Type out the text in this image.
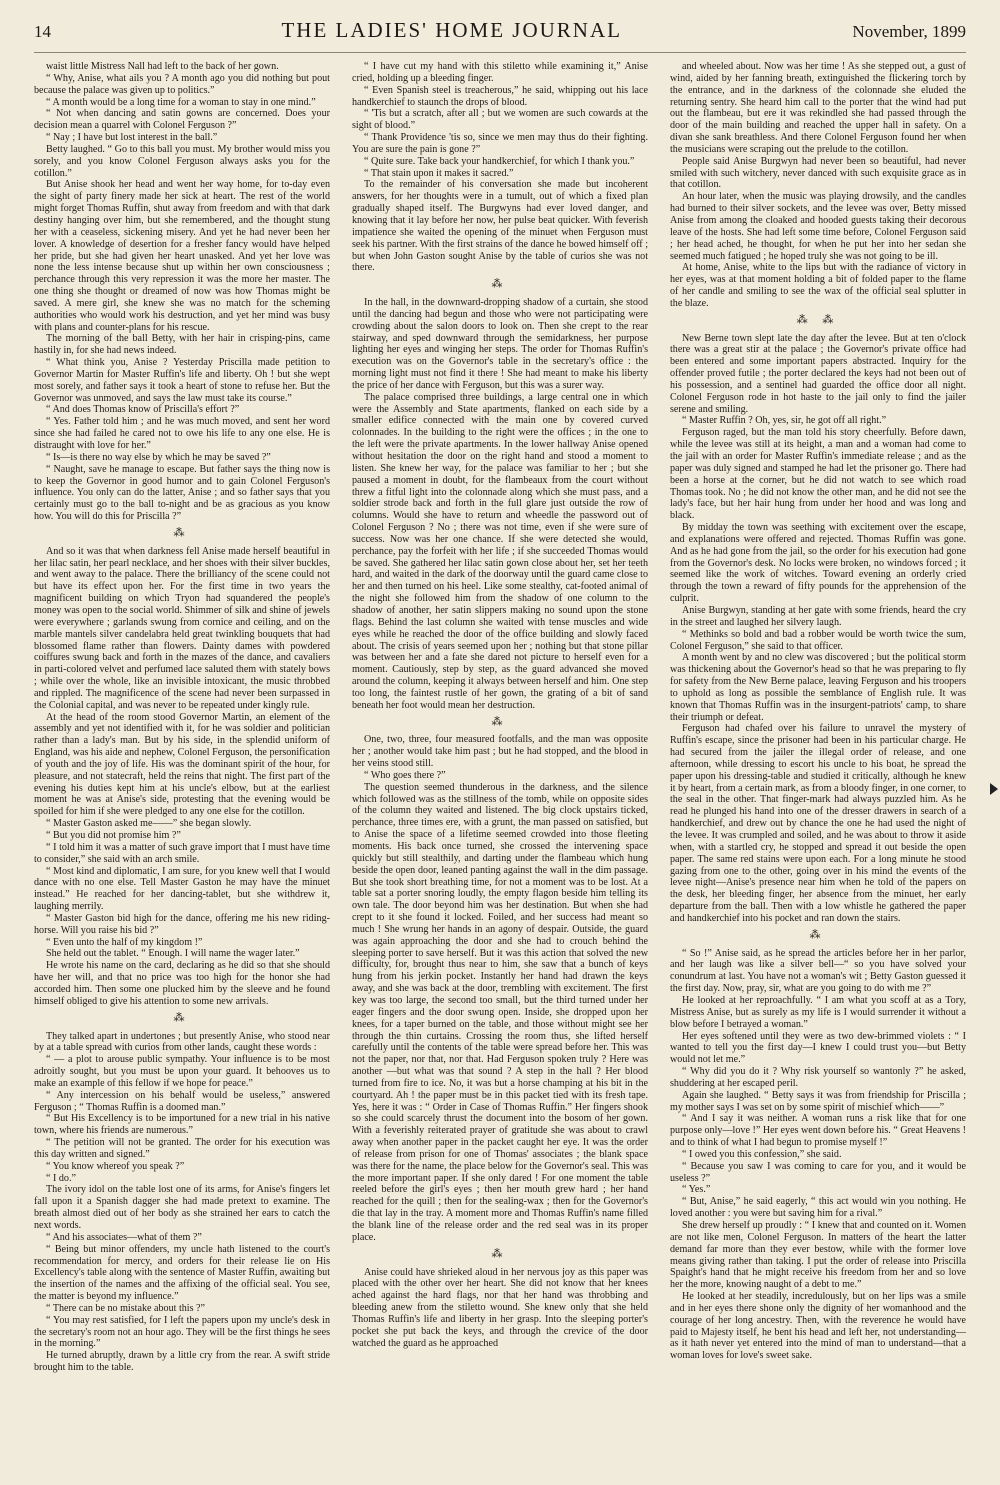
14	THE LADIES' HOME JOURNAL	November, 1899

waist little Mistress Nall had left to the back of her gown.

“ Why, Anise, what ails you ? A month ago you did nothing but pout because the palace was given up to politics.”

“ A month would be a long time for a woman to stay in one mind.”

“ Not when dancing and satin gowns are concerned. Does your decision mean a quarrel with Colonel Ferguson ?”

“ Nay ; I have but lost interest in the ball.”

Betty laughed. “ Go to this ball you must. My brother would miss you sorely, and you know Colonel Ferguson always asks you for the cotillon.”

But Anise shook her head and went her way home, for to-day even the sight of party finery made her sick at heart. The rest of the world might forget Thomas Ruffin, shut away from freedom and with that dark destiny hanging over him, but she remembered, and the thought stung her with a ceaseless, sickening misery. And yet he had never been her lover. A knowledge of desertion for a fresher fancy would have helped her pride, but she had given her heart unasked. And yet her love was none the less intense because shut up within her own consciousness ; perchance through this very repression it was the more her master. The one thing she thought or dreamed of now was how Thomas might be saved. A mere girl, she knew she was no match for the scheming authorities who would work his destruction, and yet her mind was busy with plans and counter-plans for his rescue.

The morning of the ball Betty, with her hair in crisping-pins, came hastily in, for she had news indeed.

“ What think you, Anise ? Yesterday Priscilla made petition to Governor Martin for Master Ruffin's life and liberty. Oh ! but she wept most sorely, and father says it took a heart of stone to refuse her. But the Governor was unmoved, and says the law must take its course.”

“ And does Thomas know of Priscilla's effort ?”

“ Yes. Father told him ; and he was much moved, and sent her word since she had failed he cared not to owe his life to any one else. He is distraught with love for her.”

“ Is—is there no way else by which he may be saved ?”

“ Naught, save he manage to escape. But father says the thing now is to keep the Governor in good humor and to gain Colonel Ferguson's influence. You only can do the latter, Anise ; and so father says that you certainly must go to the ball to-night and be as gracious as you know how. You will do this for Priscilla ?”

⁂

And so it was that when darkness fell Anise made herself beautiful in her lilac satin, her pearl necklace, and her shoes with their silver buckles, and went away to the palace. There the brilliancy of the scene could not but have its effect upon her. For the first time in two years the magnificent building on which Tryon had squandered the people's money was open to the social world. Shimmer of silk and shine of jewels were everywhere ; garlands swung from cornice and ceiling, and on the marble mantels silver candelabra held great twinkling bouquets that had blossomed flame rather than flowers. Dainty dames with powdered coiffures swung back and forth in the mazes of the dance, and cavaliers in parti-colored velvet and perfumed lace saluted them with stately bows ; while over the whole, like an invisible intoxicant, the music throbbed and rippled. The magnificence of the scene had never been surpassed in the Colonial capital, and was never to be repeated under kingly rule.

At the head of the room stood Governor Martin, an element of the assembly and yet not identified with it, for he was soldier and politician rather than a lady's man. But by his side, in the splendid uniform of England, was his aide and nephew, Colonel Ferguson, the personification of youth and the joy of life. His was the dominant spirit of the hour, for pleasure, and not statecraft, held the reins that night. The first part of the evening his duties kept him at his uncle's elbow, but at the earliest moment he was at Anise's side, protesting that the evening would be spoiled for him if she were pledged to any one else for the cotillon.

“ Master Gaston asked me——” she began slowly.

“ But you did not promise him ?”

“ I told him it was a matter of such grave import that I must have time to consider,” she said with an arch smile.

“ Most kind and diplomatic, I am sure, for you knew well that I would dance with no one else. Tell Master Gaston he may have the minuet instead.” He reached for her dancing-tablet, but she withdrew it, laughing merrily.

“ Master Gaston bid high for the dance, offering me his new riding-horse. Will you raise his bid ?”

“ Even unto the half of my kingdom !”

She held out the tablet. “ Enough. I will name the wager later.”

He wrote his name on the card, declaring as he did so that she should have her will, and that no price was too high for the honor she had accorded him. Then some one plucked him by the sleeve and he found himself obliged to give his attention to some new arrivals.

⁂

They talked apart in undertones ; but presently Anise, who stood near by at a table spread with curios from other lands, caught these words :

“ — a plot to arouse public sympathy. Your influence is to be most adroitly sought, but you must be upon your guard. It behooves us to make an example of this fellow if we hope for peace.”

“ Any intercession on his behalf would be useless,” answered Ferguson ; “ Thomas Ruffin is a doomed man.”

“ But His Excellency is to be importuned for a new trial in his native town, where his friends are numerous.”

“ The petition will not be granted. The order for his execution was this day written and signed.”

“ You know whereof you speak ?”

“ I do.”

The ivory idol on the table lost one of its arms, for Anise's fingers let fall upon it a Spanish dagger she had made pretext to examine. The breath almost died out of her body as she strained her ears to catch the next words.

“ And his associates—what of them ?”

“ Being but minor offenders, my uncle hath listened to the court's recommendation for mercy, and orders for their release lie on His Excellency's table along with the sentence of Master Ruffin, awaiting but the insertion of the names and the affixing of the official seal. You see, the matter is beyond my influence.”

“ There can be no mistake about this ?”

“ You may rest satisfied, for I left the papers upon my uncle's desk in the secretary's room not an hour ago. They will be the first things he sees in the morning.”

He turned abruptly, drawn by a little cry from the rear. A swift stride brought him to the table.

“ I have cut my hand with this stiletto while examining it,” Anise cried, holding up a bleeding finger.

“ Even Spanish steel is treacherous,” he said, whipping out his lace handkerchief to staunch the drops of blood.

“ 'Tis but a scratch, after all ; but we women are such cowards at the sight of blood.”

“ Thank Providence 'tis so, since we men may thus do their fighting. You are sure the pain is gone ?”

“ Quite sure. Take back your handkerchief, for which I thank you.”

“ That stain upon it makes it sacred.”

To the remainder of his conversation she made but incoherent answers, for her thoughts were in a tumult, out of which a fixed plan gradually shaped itself. The Burgwyns had ever loved danger, and knowing that it lay before her now, her pulse beat quicker. With feverish impatience she waited the opening of the minuet when Ferguson must seek his partner. With the first strains of the dance he bowed himself off ; but when John Gaston sought Anise by the table of curios she was not there.

⁂

In the hall, in the downward-dropping shadow of a curtain, she stood until the dancing had begun and those who were not participating were crowding about the salon doors to look on. Then she crept to the rear stairway, and sped downward through the semidarkness, her purpose lighting her eyes and winging her steps. The order for Thomas Ruffin's execution was on the Governor's table in the secretary's office : the morning light must not find it there ! She had meant to make his liberty the price of her dance with Ferguson, but this was a surer way.

The palace comprised three buildings, a large central one in which were the Assembly and State apartments, flanked on each side by a smaller edifice connected with the main one by covered curved colonnades. In the building to the right were the offices ; in the one to the left were the private apartments. In the lower hallway Anise opened without hesitation the door on the right hand and stood a moment to listen. She knew her way, for the palace was familiar to her ; but she paused a moment in doubt, for the flambeaux from the court without threw a fitful light into the colonnade along which she must pass, and a soldier strode back and forth in the full glare just outside the row of columns. Would she have to return and wheedle the password out of Colonel Ferguson ? No ; there was not time, even if she were sure of success. Now was her one chance. If she were detected she would, perchance, pay the forfeit with her life ; if she succeeded Thomas would be saved. She gathered her lilac satin gown close about her, set her teeth hard, and waited in the dark of the doorway until the guard came close to her and then turned on his heel. Like some stealthy, cat-footed animal of the night she followed him from the shadow of one column to the shadow of another, her satin slippers making no sound upon the stone flags. Behind the last column she waited with tense muscles and wide eyes while he reached the door of the office building and slowly faced about. The crisis of years seemed upon her ; nothing but that stone pillar was between her and a fate she dared not picture to herself even for a moment. Cautiously, step by step, as the guard advanced she moved around the column, keeping it always between herself and him. One step too long, the faintest rustle of her gown, the grating of a bit of sand beneath her foot would mean her destruction.

⁂

One, two, three, four measured footfalls, and the man was opposite her ; another would take him past ; but he had stopped, and the blood in her veins stood still.

“ Who goes there ?”

The question seemed thunderous in the darkness, and the silence which followed was as the stillness of the tomb, while on opposite sides of the column they waited and listened. The big clock upstairs ticked, perchance, three times ere, with a grunt, the man passed on satisfied, but to Anise the space of a lifetime seemed crowded into those fleeting moments. His back once turned, she crossed the intervening space quickly but still stealthily, and darting under the flambeau which hung beside the open door, leaned panting against the wall in the dim passage. But she took short breathing time, for not a moment was to be lost. At a table sat a porter snoring loudly, the empty flagon beside him telling its own tale. The door beyond him was her destination. But when she had crept to it she found it locked. Foiled, and her success had meant so much ! She wrung her hands in an agony of despair. Outside, the guard was again approaching the door and she had to crouch behind the sleeping porter to save herself. But it was this action that solved the new difficulty, for, brought thus near to him, she saw that a bunch of keys hung from his jerkin pocket. Instantly her hand had drawn the keys away, and she was back at the door, trembling with excitement. The first key was too large, the second too small, but the third turned under her eager fingers and the door swung open. Inside, she dropped upon her knees, for a taper burned on the table, and those without might see her through the thin curtains. Crossing the room thus, she lifted herself carefully until the contents of the table were spread before her. This was not the paper, nor that, nor that. Had Ferguson spoken truly ? Here was another —but what was that sound ? A step in the hall ? Her blood turned from fire to ice. No, it was but a horse champing at his bit in the courtyard. Ah ! the paper must be in this packet tied with its fresh tape. Yes, here it was : “ Order in Case of Thomas Ruffin.” Her fingers shook so she could scarcely thrust the document into the bosom of her gown. With a feverishly reiterated prayer of gratitude she was about to crawl away when another paper in the packet caught her eye. It was the order of release from prison for one of Thomas' associates ; the blank space was there for the name, the place below for the Governor's seal. This was the more important paper. If she only dared ! For one moment the table reeled before the girl's eyes ; then her mouth grew hard ; her hand reached for the quill ; then for the sealing-wax ; then for the Governor's die that lay in the tray. A moment more and Thomas Ruffin's name filled the blank line of the release order and the red seal was in its proper place.

⁂

Anise could have shrieked aloud in her nervous joy as this paper was placed with the other over her heart. She did not know that her knees ached against the hard flags, nor that her hand was throbbing and bleeding anew from the stiletto wound. She knew only that she held Thomas Ruffin's life and liberty in her grasp. Into the sleeping porter's pocket she put back the keys, and through the crevice of the door watched the guard as he approached

and wheeled about. Now was her time ! As she stepped out, a gust of wind, aided by her fanning breath, extinguished the flickering torch by the entrance, and in the darkness of the colonnade she eluded the returning sentry. She heard him call to the porter that the wind had put out the flambeau, but ere it was rekindled she had passed through the door of the main building and reached the upper hall in safety. On a divan she sank breathless. And there Colonel Ferguson found her when the musicians were scraping out the prelude to the cotillon.

People said Anise Burgwyn had never been so beautiful, had never smiled with such witchery, never danced with such exquisite grace as in that cotillon.

An hour later, when the music was playing drowsily, and the candles had burned to their silver sockets, and the levee was over, Betty missed Anise from among the cloaked and hooded guests taking their decorous leave of the hosts. She had left some time before, Colonel Ferguson said ; her head ached, he thought, for when he put her into her sedan she seemed much fatigued ; he hoped truly she was not going to be ill.

At home, Anise, white to the lips but with the radiance of victory in her eyes, was at that moment holding a bit of folded paper to the flame of her candle and smiling to see the wax of the official seal splutter in the blaze.

⁂ ⁂

New Berne town slept late the day after the levee. But at ten o'clock there was a great stir at the palace ; the Governor's private office had been entered and some important papers abstracted. Inquiry for the offender proved futile ; the porter declared the keys had not been out of his possession, and a sentinel had guarded the office door all night. Colonel Ferguson rode in hot haste to the jail only to find the jailer serene and smiling.

“ Master Ruffin ? Oh, yes, sir, he got off all right.”

Ferguson raged, but the man told his story cheerfully. Before dawn, while the levee was still at its height, a man and a woman had come to the jail with an order for Master Ruffin's immediate release ; and as the paper was duly signed and stamped he had let the prisoner go. There had been a horse at the corner, but he did not watch to see which road Thomas took. No ; he did not know the other man, and he did not see the lady's face, but her hair hung from under her hood and was long and black.

By midday the town was seething with excitement over the escape, and explanations were offered and rejected. Thomas Ruffin was gone. And as he had gone from the jail, so the order for his execution had gone from the Governor's desk. No locks were broken, no windows forced ; it seemed like the work of witches. Toward evening an orderly cried through the town a reward of fifty pounds for the apprehension of the culprit.

Anise Burgwyn, standing at her gate with some friends, heard the cry in the street and laughed her silvery laugh.

“ Methinks so bold and bad a robber would be worth twice the sum, Colonel Ferguson,” she said to that officer.

A month went by and no clew was discovered ; but the political storm was thickening about the Governor's head so that he was preparing to fly for safety from the New Berne palace, leaving Ferguson and his troopers to uphold as long as possible the semblance of English rule. It was known that Thomas Ruffin was in the insurgent-patriots' camp, to share their triumph or defeat.

Ferguson had chafed over his failure to unravel the mystery of Ruffin's escape, since the prisoner had been in his particular charge. He had secured from the jailer the illegal order of release, and one afternoon, while dressing to escort his uncle to his boat, he spread the paper upon his dressing-table and studied it critically, although he knew it by heart, from a certain mark, as from a bloody finger, in one corner, to the seal in the other. That finger-mark had always puzzled him. As he read he plunged his hand into one of the dresser drawers in search of a handkerchief, and drew out by chance the one he had used the night of the levee. It was crumpled and soiled, and he was about to throw it aside when, with a startled cry, he stopped and spread it out beside the open paper. The same red stains were upon each. For a long minute he stood gazing from one to the other, going over in his mind the events of the levee night—Anise's presence near him when he told of the papers on the desk, her bleeding finger, her absence from the minuet, her early departure from the ball. Then with a low whistle he gathered the paper and handkerchief into his pocket and ran down the stairs.

⁂

“ So !” Anise said, as he spread the articles before her in her parlor, and her laugh was like a silver bell—“ so you have solved your conundrum at last. You have not a woman's wit ; Betty Gaston guessed it the first day. Now, pray, sir, what are you going to do with me ?”

He looked at her reproachfully. “ I am what you scoff at as a Tory, Mistress Anise, but as surely as my life is I would surrender it without a blow before I betrayed a woman.”

Her eyes softened until they were as two dew-brimmed violets : “ I wanted to tell you the first day—I knew I could trust you—but Betty would not let me.”

“ Why did you do it ? Why risk yourself so wantonly ?” he asked, shuddering at her escaped peril.

Again she laughed. “ Betty says it was from friendship for Priscilla ; my mother says I was set on by some spirit of mischief which——”

“ And I say it was neither. A woman runs a risk like that for one purpose only—love !” Her eyes went down before his. “ Great Heavens ! and to think of what I had begun to promise myself !”

“ I owed you this confession,” she said.

“ Because you saw I was coming to care for you, and it would be useless ?”

“ Yes.”

“ But, Anise,” he said eagerly, “ this act would win you nothing. He loved another : you were but saving him for a rival.”

She drew herself up proudly : “ I knew that and counted on it. Women are not like men, Colonel Ferguson. In matters of the heart the latter demand far more than they ever bestow, while with the former love means giving rather than taking. I put the order of release into Priscilla Spaight's hand that he might receive his freedom from her and so love her the more, knowing naught of a debt to me.”

He looked at her steadily, incredulously, but on her lips was a smile and in her eyes there shone only the dignity of her womanhood and the courage of her long ancestry. Then, with the reverence he would have paid to Majesty itself, he bent his head and left her, not understanding—as it hath never yet entered into the mind of man to understand—that a woman loves for love's sweet sake.
